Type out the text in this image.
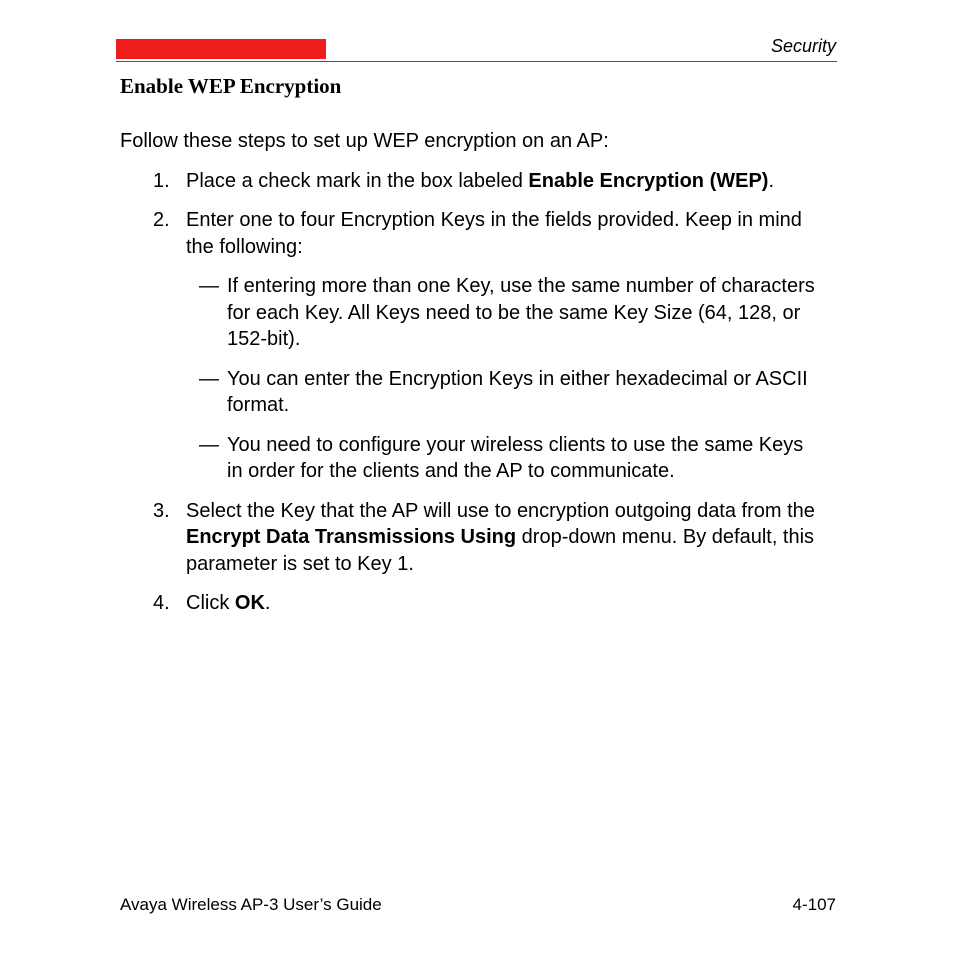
Security
Enable WEP Encryption

Follow these steps to set up WEP encryption on an AP:

1. Place a check mark in the box labeled Enable Encryption (WEP).
2. Enter one to four Encryption Keys in the fields provided. Keep in mind the following:
— If entering more than one Key, use the same number of characters for each Key. All Keys need to be the same Key Size (64, 128, or 152-bit).
— You can enter the Encryption Keys in either hexadecimal or ASCII format.
— You need to configure your wireless clients to use the same Keys in order for the clients and the AP to communicate.
3. Select the Key that the AP will use to encryption outgoing data from the Encrypt Data Transmissions Using drop-down menu. By default, this parameter is set to Key 1.
4. Click OK.
Avaya Wireless AP-3 User’s Guide	4-107
